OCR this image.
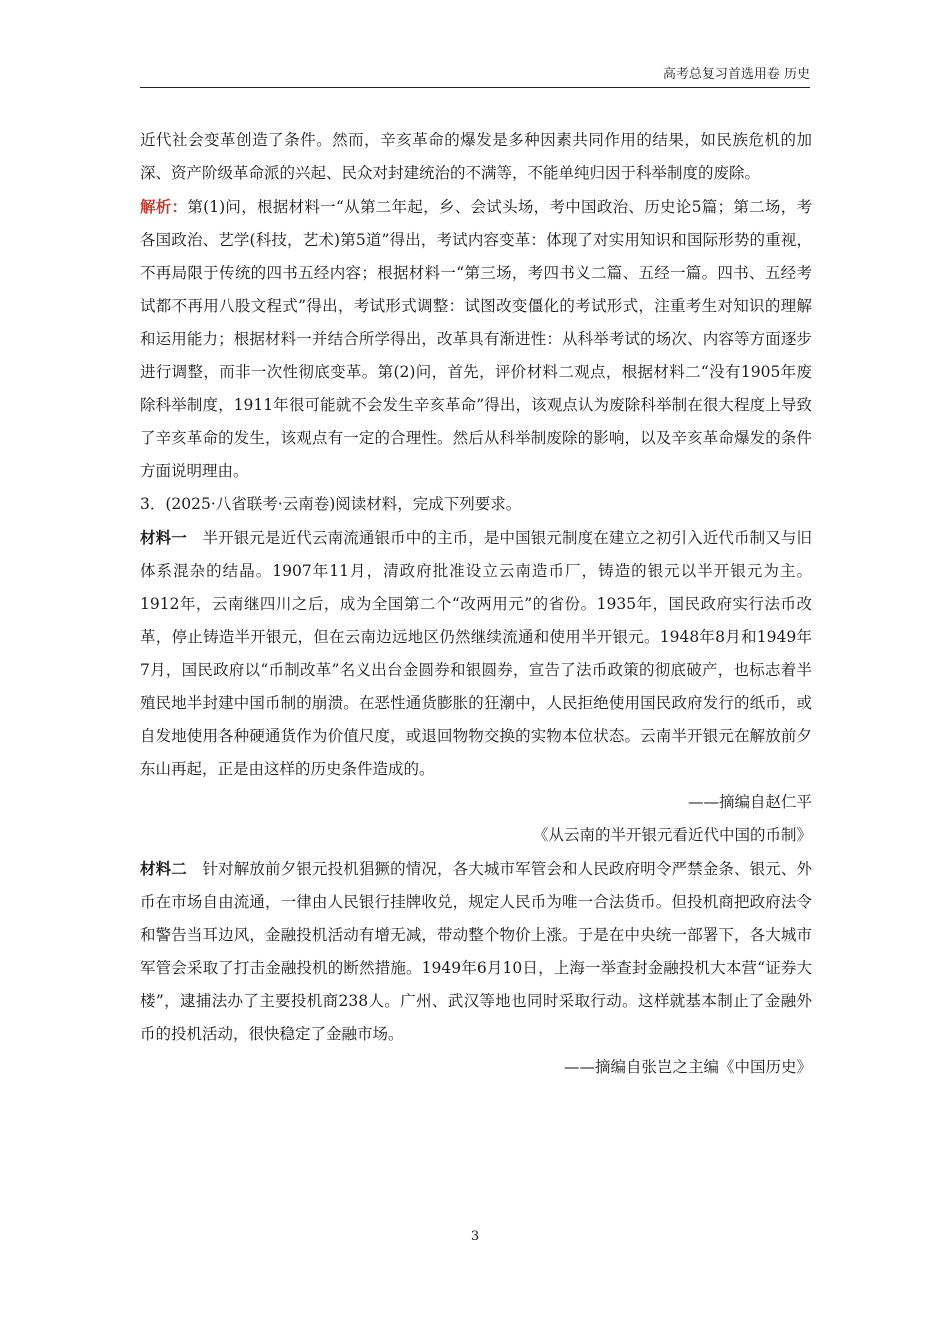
高考总复习首选用卷 历史

近代社会变革创造了条件。然而，辛亥革命的爆发是多种因素共同作用的结果，如民族危机的加深、资产阶级革命派的兴起、民众对封建统治的不满等，不能单纯归因于科举制度的废除。

解析：第(1)问，根据材料一“从第二年起，乡、会试头场，考中国政治、历史论5篇；第二场，考各国政治、艺学(科技，艺术)第5道”得出，考试内容变革：体现了对实用知识和国际形势的重视，不再局限于传统的四书五经内容；根据材料一“第三场，考四书义二篇、五经一篇。四书、五经考试都不再用八股文程式”得出，考试形式调整：试图改变僵化的考试形式，注重考生对知识的理解和运用能力；根据材料一并结合所学得出，改革具有渐进性：从科举考试的场次、内容等方面逐步进行调整，而非一次性彻底变革。第(2)问，首先，评价材料二观点，根据材料二“没有1905年废除科举制度，1911年很可能就不会发生辛亥革命”得出，该观点认为废除科举制在很大程度上导致了辛亥革命的发生，该观点有一定的合理性。然后从科举制废除的影响，以及辛亥革命爆发的条件方面说明理由。

3．(2025·八省联考·云南卷)阅读材料，完成下列要求。

材料一　半开银元是近代云南流通银币中的主币，是中国银元制度在建立之初引入近代币制又与旧体系混杂的结晶。1907年11月，清政府批准设立云南造币厂，铸造的银元以半开银元为主。1912年，云南继四川之后，成为全国第二个“改两用元”的省份。1935年，国民政府实行法币改革，停止铸造半开银元，但在云南边远地区仍然继续流通和使用半开银元。1948年8月和1949年7月，国民政府以“币制改革”名义出台金圆券和银圆券，宣告了法币政策的彻底破产，也标志着半殖民地半封建中国币制的崩溃。在恶性通货膨胀的狂潮中，人民拒绝使用国民政府发行的纸币，或自发地使用各种硬通货作为价值尺度，或退回物物交换的实物本位状态。云南半开银元在解放前夕东山再起，正是由这样的历史条件造成的。

——摘编自赵仁平

《从云南的半开银元看近代中国的币制》

材料二　针对解放前夕银元投机猖獗的情况，各大城市军管会和人民政府明令严禁金条、银元、外币在市场自由流通，一律由人民银行挂牌收兑，规定人民币为唯一合法货币。但投机商把政府法令和警告当耳边风，金融投机活动有增无减，带动整个物价上涨。于是在中央统一部署下，各大城市军管会采取了打击金融投机的断然措施。1949年6月10日，上海一举查封金融投机大本营“证券大楼”，逮捕法办了主要投机商238人。广州、武汉等地也同时采取行动。这样就基本制止了金融外币的投机活动，很快稳定了金融市场。

——摘编自张岂之主编《中国历史》

3
